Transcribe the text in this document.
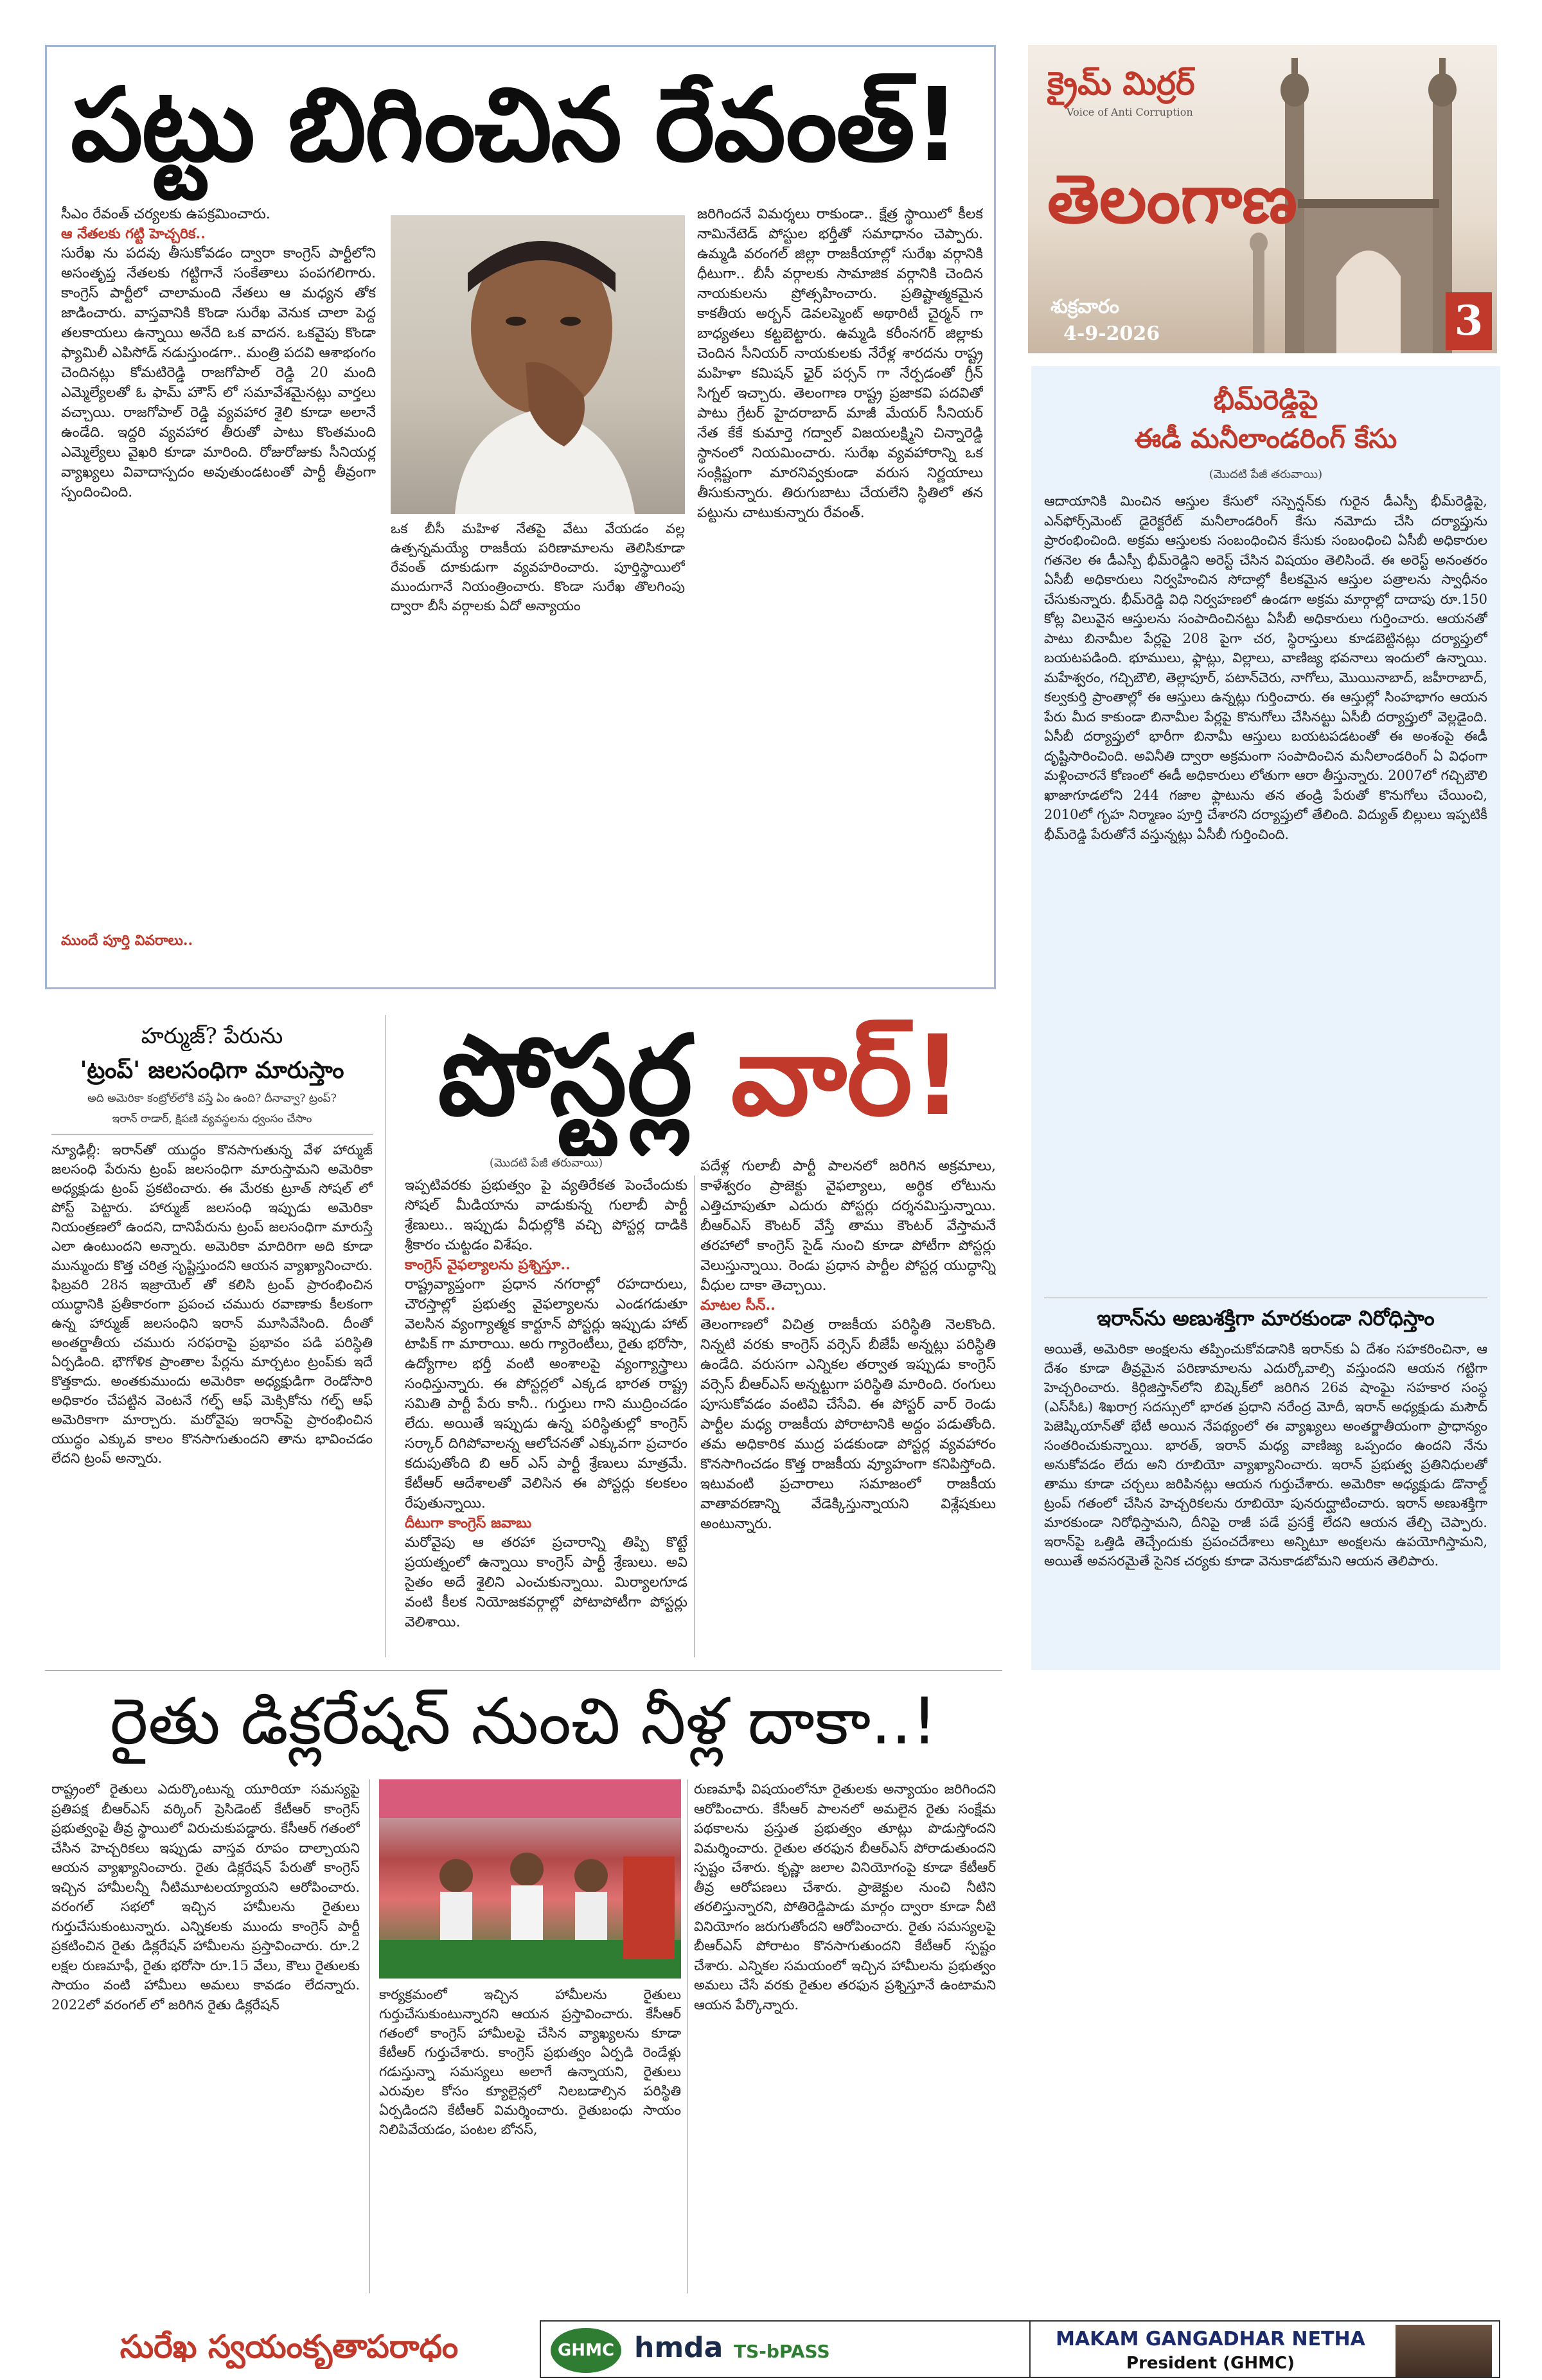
పట్టు బిగించిన రేవంత్!
సీఎం రేవంత్ చర్యలకు ఉపక్రమించారు.
ఆ నేతలకు గట్టి హెచ్చరిక..
సురేఖ ను పదవు తీసుకోవడం ద్వారా కాంగ్రెస్ పార్టీలోని అసంతృప్త నేతలకు గట్టిగానే సంకేతాలు పంపగలిగారు. కాంగ్రెస్ పార్టీలో చాలామంది నేతలు ఆ మధ్యన తోక జాడించారు. వాస్తవానికి కొండా సురేఖ వెనుక చాలా పెద్ద తలకాయలు ఉన్నాయి అనేది ఒక వాదన. ఒకవైపు కొండా ఫ్యామిలీ ఎపిసోడ్ నడుస్తుండగా.. మంత్రి పదవి ఆశాభంగం చెందినట్లు కోమటిరెడ్డి రాజగోపాల్ రెడ్డి 20 మంది ఎమ్మెల్యేలతో ఓ ఫామ్ హౌస్ లో సమావేశమైనట్లు వార్తలు వచ్చాయి. రాజగోపాల్ రెడ్డి వ్యవహార శైలి కూడా అలానే ఉండేది. ఇద్దరి వ్యవహార తీరుతో పాటు కొంతమంది ఎమ్మెల్యేలు వైఖరి కూడా మారింది. రోజురోజుకు సీనియర్ల వ్యాఖ్యలు వివాదాస్పదం అవుతుండటంతో పార్టీ తీవ్రంగా స్పందించింది.
ముందే పూర్తి వివరాలు..
ఒక బీసీ మహిళ నేతపై వేటు వేయడం వల్ల ఉత్పన్నమయ్యే రాజకీయ పరిణామాలను తెలిసికూడా రేవంత్ దూకుడుగా వ్యవహరించారు. పూర్తిస్థాయిలో ముందుగానే నియంత్రించారు. కొండా సురేఖ తొలగింపు ద్వారా బీసీ వర్గాలకు ఏదో అన్యాయం
జరిగిందనే విమర్శలు రాకుండా.. క్షేత్ర స్థాయిలో కీలక నామినేటెడ్ పోస్టుల భర్తీతో సమాధానం చెప్పారు. ఉమ్మడి వరంగల్ జిల్లా రాజకీయాల్లో సురేఖ వర్గానికి ధీటుగా.. బీసీ వర్గాలకు సామాజిక వర్గానికి చెందిన నాయకులను ప్రోత్సహించారు. ప్రతిష్టాత్మకమైన కాకతీయ అర్బన్ డెవలప్మెంట్ అథారిటీ చైర్మన్ గా బాధ్యతలు కట్టబెట్టారు. ఉమ్మడి కరీంనగర్ జిల్లాకు చెందిన సీనియర్ నాయకులకు నేరేళ్ల శారదను రాష్ట్ర మహిళా కమిషన్ ఛైర్ పర్సన్ గా నేర్పడంతో గ్రీన్ సిగ్నల్ ఇచ్చారు. తెలంగాణ రాష్ట్ర ప్రజాకవి పదవితో పాటు గ్రేటర్ హైదరాబాద్ మాజీ మేయర్ సీనియర్ నేత కేకే కుమార్తె గద్వాల్ విజయలక్ష్మిని చిన్నారెడ్డి స్థానంలో నియమించారు. సురేఖ వ్యవహారాన్ని ఒక సంక్లిష్టంగా మారనివ్వకుండా వరుస నిర్ణయాలు తీసుకున్నారు. తిరుగుబాటు చేయలేని స్థితిలో తన పట్టును చాటుకున్నారు రేవంత్.
క్రైమ్ మిర్రర్
Voice of Anti Corruption
తెలంగాణ
శుక్రవారం
4-9-2026	3
భీమ్‌రెడ్డిపై
ఈడీ మనీలాండరింగ్ కేసు
(మొదటి పేజీ తరువాయి)
ఆదాయానికి మించిన ఆస్తుల కేసులో సస్పెన్షన్‌కు గురైన డీఎస్పీ భీమ్‌రెడ్డిపై, ఎన్‌ఫోర్స్‌మెంట్ డైరెక్టరేట్ మనీలాండరింగ్ కేసు నమోదు చేసి దర్యాప్తును ప్రారంభించింది. అక్రమ ఆస్తులకు సంబంధించిన కేసుకు సంబంధించి ఏసీబీ అధికారుల గతనెల ఈ డీఎస్పీ భీమ్‌రెడ్డిని అరెస్ట్ చేసిన విషయం తెలిసిందే. ఈ అరెస్ట్ అనంతరం ఏసీబీ అధికారులు నిర్వహించిన సోదాల్లో కీలకమైన ఆస్తుల పత్రాలను స్వాధీనం చేసుకున్నారు. భీమ్‌రెడ్డి విధి నిర్వహణలో ఉండగా అక్రమ మార్గాల్లో దాదాపు రూ.150 కోట్ల విలువైన ఆస్తులను సంపాదించినట్టు ఏసీబీ అధికారులు గుర్తించారు. ఆయనతో పాటు బినామీల పేర్లపై 208 పైగా చర, స్థిరాస్తులు కూడబెట్టినట్లు దర్యాప్తులో బయటపడింది. భూములు, ఫ్లాట్లు, విల్లాలు, వాణిజ్య భవనాలు ఇందులో ఉన్నాయి. మహేశ్వరం, గచ్చిబౌలి, తెల్లాపూర్, పటాన్‌చెరు, నాగోలు, మొయినాబాద్, జహీరాబాద్, కల్వకుర్తి ప్రాంతాల్లో ఈ ఆస్తులు ఉన్నట్లు గుర్తించారు. ఈ ఆస్తుల్లో సింహభాగం ఆయన పేరు మీద కాకుండా బినామీల పేర్లపై కొనుగోలు చేసినట్టు ఏసీబీ దర్యాప్తులో వెల్లడైంది. ఏసీబీ దర్యాప్తులో భారీగా బినామీ ఆస్తులు బయటపడటంతో ఈ అంశంపై ఈడీ దృష్టిసారించింది. అవినీతి ద్వారా అక్రమంగా సంపాదించిన మనీలాండరింగ్ ఏ విధంగా మళ్లించారనే కోణంలో ఈడీ అధికారులు లోతుగా ఆరా తీస్తున్నారు. 2007లో గచ్చిబౌలి ఖాజాగూడలోని 244 గజాల ఫ్లాటును తన తండ్రి పేరుతో కొనుగోలు చేయించి, 2010లో గృహ నిర్మాణం పూర్తి చేశారని దర్యాప్తులో తేలింది. విద్యుత్ బిల్లులు ఇప్పటికీ భీమ్‌రెడ్డి పేరుతోనే వస్తున్నట్లు ఏసీబీ గుర్తించింది.
ఇరాన్‌ను అణుశక్తిగా మారకుండా నిరోధిస్తాం
అయితే, అమెరికా అంక్షలను తప్పించుకోవడానికి ఇరాన్‌కు ఏ దేశం సహకరించినా, ఆ దేశం కూడా తీవ్రమైన పరిణామాలను ఎదుర్కోవాల్సి వస్తుందని ఆయన గట్టిగా హెచ్చరించారు. కిర్గిజిస్తాన్‌లోని బిష్కెక్‌లో జరిగిన 26వ షాంఘై సహకార సంస్థ (ఎస్‌సీఓ) శిఖరాగ్ర సదస్సులో భారత ప్రధాని నరేంద్ర మోదీ, ఇరాన్ అధ్యక్షుడు మసౌద్ పెజెష్కియాన్‌తో భేటీ అయిన నేపథ్యంలో ఈ వ్యాఖ్యలు అంతర్జాతీయంగా ప్రాధాన్యం సంతరించుకున్నాయి. భారత్, ఇరాన్ మధ్య వాణిజ్య ఒప్పందం ఉందని నేను అనుకోవడం లేదు అని రూబియో వ్యాఖ్యానించారు. ఇరాన్ ప్రభుత్వ ప్రతినిధులతో తాము కూడా చర్చలు జరిపినట్లు ఆయన గుర్తుచేశారు. అమెరికా అధ్యక్షుడు డొనాల్డ్ ట్రంప్ గతంలో చేసిన హెచ్చరికలను రూబియో పునరుద్ఘాటించారు. ఇరాన్ అణుశక్తిగా మారకుండా నిరోధిస్తామని, దీనిపై రాజీ పడే ప్రసక్తే లేదని ఆయన తేల్చి చెప్పారు. ఇరాన్‌పై ఒత్తిడి తెచ్చేందుకు ప్రపంచదేశాలు అన్నిటూ అంక్షలను ఉపయోగిస్తామని, అయితే అవసరమైతే సైనిక చర్యకు కూడా వెనుకాడబోమని ఆయన తెలిపారు.
హర్ముజ్? పేరును
'ట్రంప్' జలసంధిగా మారుస్తాం
అది అమెరికా కంట్రోల్‌లోకి వస్తే ఏం ఉంది? దీనావ్వా? ట్రంప్?
ఇరాన్ రాడార్, క్షిపణి వ్యవస్థలను ధ్వంసం చేసాం
న్యూఢిల్లీ: ఇరాన్‌తో యుద్ధం కొనసాగుతున్న వేళ హార్ముజ్ జలసంధి పేరును ట్రంప్ జలసంధిగా మారుస్తామని అమెరికా అధ్యక్షుడు ట్రంప్ ప్రకటించారు. ఈ మేరకు ట్రూత్ సోషల్ లో పోస్ట్ పెట్టారు. హార్ముజ్ జలసంధి ఇప్పుడు అమెరికా నియంత్రణలో ఉందని, దానిపేరును ట్రంప్ జలసంధిగా మారుస్తే ఎలా ఉంటుందని అన్నారు. అమెరికా మాదిరిగా అది కూడా మున్ముందు కొత్త చరిత్ర సృష్టిస్తుందని ఆయన వ్యాఖ్యానించారు. ఫిబ్రవరి 28న ఇజ్రాయెల్ తో కలిసి ట్రంప్ ప్రారంభించిన యుద్ధానికి ప్రతీకారంగా ప్రపంచ చమురు రవాణాకు కీలకంగా ఉన్న హార్ముజ్ జలసంధిని ఇరాన్ మూసివేసింది. దీంతో అంతర్జాతీయ చమురు సరఫరాపై ప్రభావం పడి పరిస్థితి ఏర్పడింది. భౌగోళిక ప్రాంతాల పేర్లను మార్చటం ట్రంప్‌కు ఇదే కొత్తకాదు. అంతకుముందు అమెరికా అధ్యక్షుడిగా రెండోసారి అధికారం చేపట్టిన వెంటనే గల్ఫ్ ఆఫ్ మెక్సికోను గల్ఫ్ ఆఫ్ అమెరికాగా మార్చారు. మరోవైపు ఇరాన్‌పై ప్రారంభించిన యుద్ధం ఎక్కువ కాలం కొనసాగుతుందని తాను భావించడం లేదని ట్రంప్ అన్నారు.
పోస్టర్ల వార్!
(మొదటి పేజీ తరువాయి)
ఇప్పటివరకు ప్రభుత్వం పై వ్యతిరేకత పెంచేందుకు సోషల్ మీడియాను వాడుకున్న గులాబీ పార్టీ శ్రేణులు.. ఇప్పుడు వీధుల్లోకి వచ్చి పోస్టర్ల దాడికి శ్రీకారం చుట్టడం విశేషం.
కాంగ్రెస్ వైఫల్యాలను ప్రశ్నిస్తూ..
రాష్ట్రవ్యాప్తంగా ప్రధాన నగరాల్లో రహదారులు, చౌరస్తాల్లో ప్రభుత్వ వైఫల్యాలను ఎండగడుతూ వెలసిన వ్యంగ్యాత్మక కార్టూన్ పోస్టర్లు ఇప్పుడు హాట్ టాపిక్ గా మారాయి. అరు గ్యారెంటీలు, రైతు భరోసా, ఉద్యోగాల భర్తీ వంటి అంశాలపై వ్యంగ్యాస్త్రాలు సంధిస్తున్నారు. ఈ పోస్టర్లలో ఎక్కడ భారత రాష్ట్ర సమితి పార్టీ పేరు కానీ.. గుర్తులు గాని ముద్రించడం లేదు. అయితే ఇప్పుడు ఉన్న పరిస్థితుల్లో కాంగ్రెస్ సర్కార్ దిగిపోవాలన్న ఆలోచనతో ఎక్కువగా ప్రచారం కదుపుతోంది బి ఆర్ ఎస్ పార్టీ శ్రేణులు మాత్రమే. కేటీఆర్ ఆదేశాలతో వెలిసిన ఈ పోస్టర్లు కలకలం రేపుతున్నాయి.
దీటుగా కాంగ్రెస్ జవాబు
మరోవైపు ఆ తరహా ప్రచారాన్ని తిప్పి కొట్టే ప్రయత్నంలో ఉన్నాయి కాంగ్రెస్ పార్టీ శ్రేణులు. అవి సైతం అదే శైలిని ఎంచుకున్నాయి. మిర్యాలగూడ వంటి కీలక నియోజకవర్గాల్లో పోటాపోటీగా పోస్టర్లు వెలిశాయి.
పదేళ్ల గులాబీ పార్టీ పాలనలో జరిగిన అక్రమాలు, కాళేశ్వరం ప్రాజెక్టు వైఫల్యాలు, అర్థిక లోటును ఎత్తిచూపుతూ ఎదురు పోస్టర్లు దర్శనమిస్తున్నాయి. బీఆర్ఎస్ కౌంటర్ వేస్తే తాము కౌంటర్ వేస్తామనే తరహాలో కాంగ్రెస్ సైడ్ నుంచి కూడా పోటీగా పోస్టర్లు వెలుస్తున్నాయి. రెండు ప్రధాన పార్టీల పోస్టర్ల యుద్ధాన్ని వీధుల దాకా తెచ్చాయి.
మాటల సీన్..
తెలంగాణలో విచిత్ర రాజకీయ పరిస్థితి నెలకొంది. నిన్నటి వరకు కాంగ్రెస్ వర్సెస్ బీజేపీ అన్నట్లు పరిస్థితి ఉండేది. వరుసగా ఎన్నికల తర్వాత ఇప్పుడు కాంగ్రెస్ వర్సెస్ బీఆర్ఎస్ అన్నట్టుగా పరిస్థితి మారింది. రంగులు పూసుకోవడం వంటివి చేసేవి. ఈ పోస్టర్ వార్ రెండు పార్టీల మధ్య రాజకీయ పోరాటానికి అద్దం పడుతోంది. తమ అధికారిక ముద్ర పడకుండా పోస్టర్ల వ్యవహారం కొనసాగించడం కొత్త రాజకీయ వ్యూహంగా కనిపిస్తోంది. ఇటువంటి ప్రచారాలు సమాజంలో రాజకీయ వాతావరణాన్ని వేడెక్కిస్తున్నాయని విశ్లేషకులు అంటున్నారు.
రైతు డిక్లరేషన్ నుంచి నీళ్ల దాకా..!
రాష్ట్రంలో రైతులు ఎదుర్కొంటున్న యూరియా సమస్యపై ప్రతిపక్ష బీఆర్ఎస్ వర్కింగ్ ప్రెసిడెంట్ కేటీఆర్ కాంగ్రెస్ ప్రభుత్వంపై తీవ్ర స్థాయిలో విరుచుకుపడ్డారు. కేసీఆర్ గతంలో చేసిన హెచ్చరికలు ఇప్పుడు వాస్తవ రూపం దాల్చాయని ఆయన వ్యాఖ్యానించారు. రైతు డిక్లరేషన్ పేరుతో కాంగ్రెస్ ఇచ్చిన హామీలన్నీ నీటిమూటలయ్యాయని ఆరోపించారు. వరంగల్ సభలో ఇచ్చిన హామీలను రైతులు గుర్తుచేసుకుంటున్నారు. ఎన్నికలకు ముందు కాంగ్రెస్ పార్టీ ప్రకటించిన రైతు డిక్లరేషన్ హామీలను ప్రస్తావించారు. రూ.2 లక్షల రుణమాఫీ, రైతు భరోసా రూ.15 వేలు, కౌలు రైతులకు సాయం వంటి హామీలు అమలు కావడం లేదన్నారు. 2022లో వరంగల్ లో జరిగిన రైతు డిక్లరేషన్
కార్యక్రమంలో ఇచ్చిన హామీలను రైతులు గుర్తుచేసుకుంటున్నారని ఆయన ప్రస్తావించారు. కేసీఆర్ గతంలో కాంగ్రెస్ హామీలపై చేసిన వ్యాఖ్యలను కూడా కేటీఆర్ గుర్తుచేశారు. కాంగ్రెస్ ప్రభుత్వం ఏర్పడి రెండేళ్లు గడుస్తున్నా సమస్యలు అలాగే ఉన్నాయని, రైతులు ఎరువుల కోసం క్యూలైన్లలో నిలబడాల్సిన పరిస్థితి ఏర్పడిందని కేటీఆర్ విమర్శించారు. రైతుబంధు సాయం నిలిపివేయడం, పంటల బోనస్,
రుణమాఫీ విషయంలోనూ రైతులకు అన్యాయం జరిగిందని ఆరోపించారు. కేసీఆర్ పాలనలో అమలైన రైతు సంక్షేమ పథకాలను ప్రస్తుత ప్రభుత్వం తూట్లు పొడుస్తోందని విమర్శించారు. రైతుల తరఫున బీఆర్ఎస్ పోరాడుతుందని స్పష్టం చేశారు. కృష్ణా జలాల వినియోగంపై కూడా కేటీఆర్ తీవ్ర ఆరోపణలు చేశారు. ప్రాజెక్టుల నుంచి నీటిని తరలిస్తున్నారని, పోతిరెడ్డిపాడు మార్గం ద్వారా కూడా నీటి వినియోగం జరుగుతోందని ఆరోపించారు. రైతు సమస్యలపై బీఆర్ఎస్ పోరాటం కొనసాగుతుందని కేటీఆర్ స్పష్టం చేశారు. ఎన్నికల సమయంలో ఇచ్చిన హామీలను ప్రభుత్వం అమలు చేసే వరకు రైతుల తరఫున ప్రశ్నిస్తూనే ఉంటామని ఆయన పేర్కొన్నారు.
సురేఖ స్వయంకృతాపరాధం	GHMC hmda TS-bPASS
MAKAM GANGADHAR NETHA
President (GHMC)
